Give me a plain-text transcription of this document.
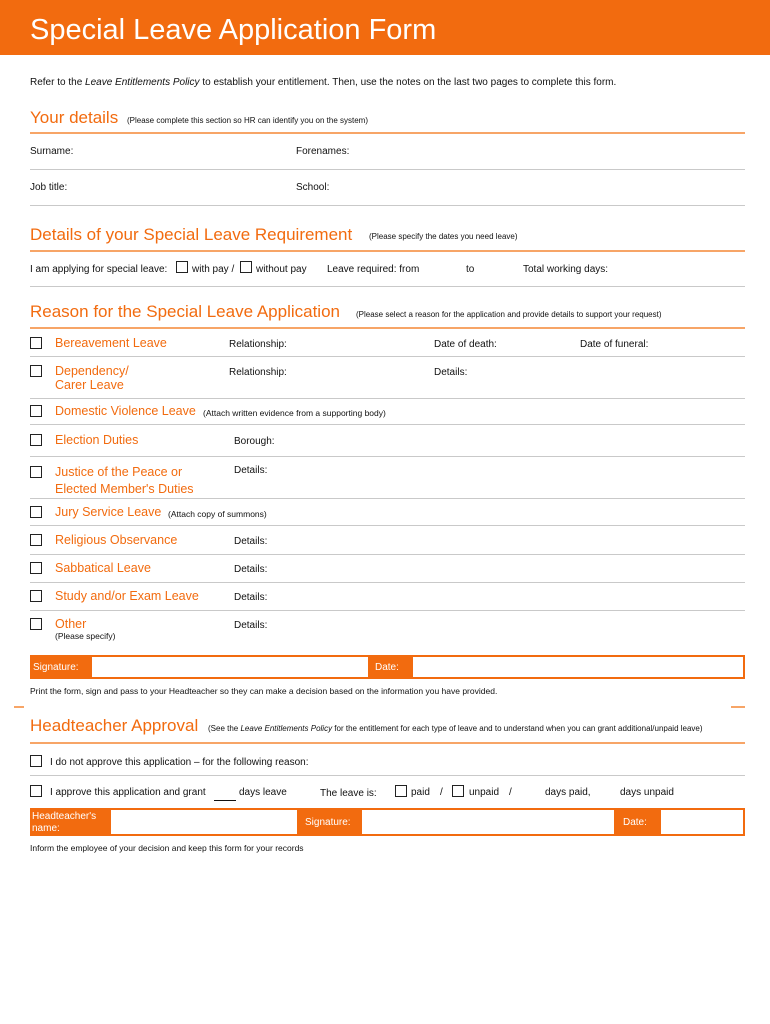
Special Leave Application Form
Refer to the Leave Entitlements Policy to establish your entitlement. Then, use the notes on the last two pages to complete this form.
Your details (Please complete this section so HR can identify you on the system)
Surname:	Forenames:
Job title:	School:
Details of your Special Leave Requirement (Please specify the dates you need leave)
I am applying for special leave: with pay / without pay Leave required: from	to	Total working days:
Reason for the Special Leave Application (Please select a reason for the application and provide details to support your request)
Bereavement Leave	Relationship:	Date of death:	Date of funeral:
Dependency/
Carer Leave
Relationship:	Details:
Domestic Violence Leave (Attach written evidence from a supporting body)
Election Duties	Borough:
Justice of the Peace or
Elected Member's Duties
Details:
Jury Service Leave (Attach copy of summons)
Religious Observance	Details:
Sabbatical Leave	Details:
Study and/or Exam Leave	Details:
Other
(Please specify)
Details:
Signature:	Date:
Print the form, sign and pass to your Headteacher so they can make a decision based on the information you have provided.
Headteacher Approval (See the Leave Entitlements Policy for the entitlement for each type of leave and to understand when you can grant additional/unpaid leave)
I do not approve this application – for the following reason:
I approve this application and grant	days leave	The leave is:	paid /	unpaid /	days paid,	days unpaid
Headteacher's
name:
Signature:	Date:
Inform the employee of your decision and keep this form for your records
